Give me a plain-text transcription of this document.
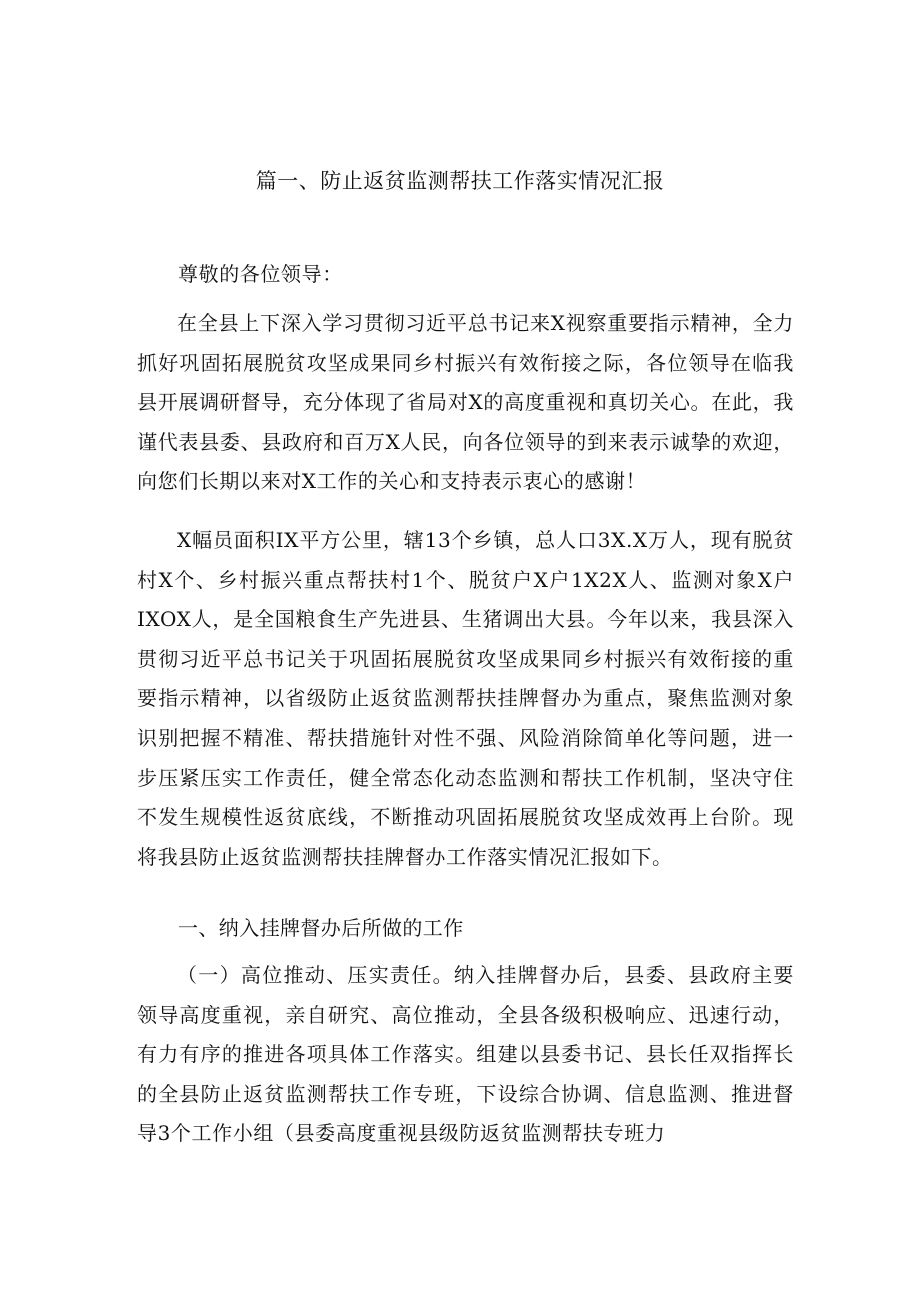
篇一、防止返贫监测帮扶工作落实情况汇报
尊敬的各位领导：

在全县上下深入学习贯彻习近平总书记来X视察重要指示精神，全力抓好巩固拓展脱贫攻坚成果同乡村振兴有效衔接之际，各位领导在临我县开展调研督导，充分体现了省局对X的高度重视和真切关心。在此，我谨代表县委、县政府和百万X人民，向各位领导的到来表示诚挚的欢迎，向您们长期以来对X工作的关心和支持表示衷心的感谢！

X幅员面积IX平方公里，辖13个乡镇，总人口3X.X万人，现有脱贫村X个、乡村振兴重点帮扶村1个、脱贫户X户1X2X人、监测对象X户IXOX人，是全国粮食生产先进县、生猪调出大县。今年以来，我县深入贯彻习近平总书记关于巩固拓展脱贫攻坚成果同乡村振兴有效衔接的重要指示精神，以省级防止返贫监测帮扶挂牌督办为重点，聚焦监测对象识别把握不精准、帮扶措施针对性不强、风险消除简单化等问题，进一步压紧压实工作责任，健全常态化动态监测和帮扶工作机制，坚决守住不发生规模性返贫底线，不断推动巩固拓展脱贫攻坚成效再上台阶。现将我县防止返贫监测帮扶挂牌督办工作落实情况汇报如下。

一、纳入挂牌督办后所做的工作

（一）高位推动、压实责任。纳入挂牌督办后，县委、县政府主要领导高度重视，亲自研究、高位推动，全县各级积极响应、迅速行动，有力有序的推进各项具体工作落实。组建以县委书记、县长任双指挥长的全县防止返贫监测帮扶工作专班，下设综合协调、信息监测、推进督导3个工作小组（县委高度重视县级防返贫监测帮扶专班力
